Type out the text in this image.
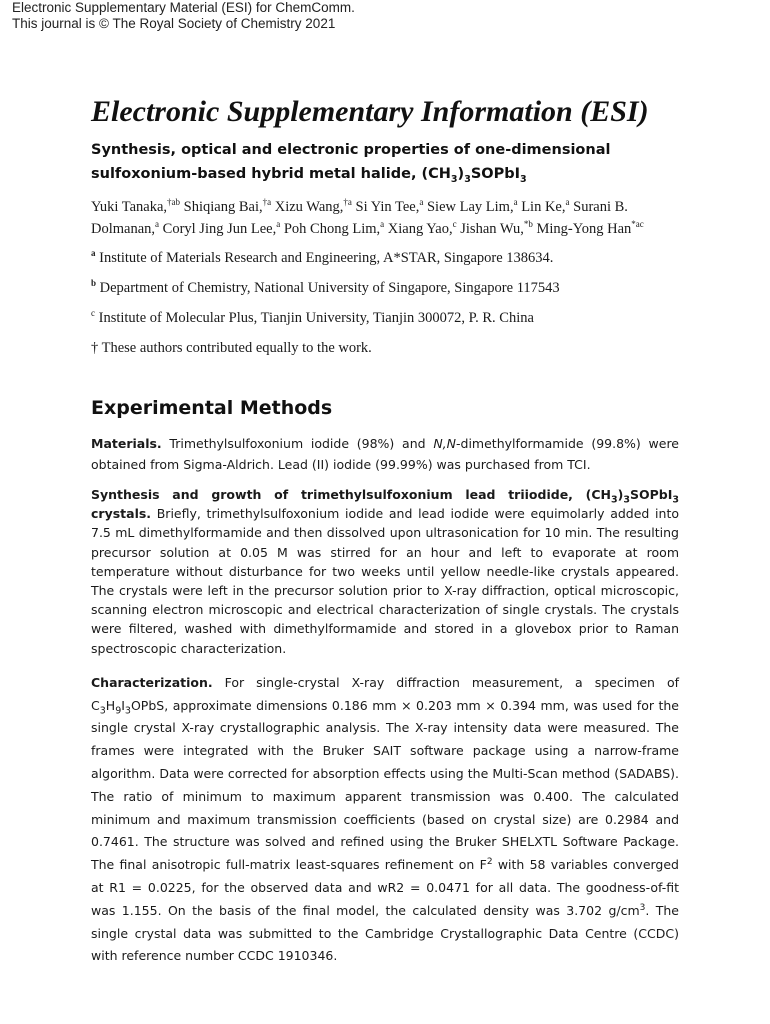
Electronic Supplementary Material (ESI) for ChemComm.
This journal is © The Royal Society of Chemistry 2021
Electronic Supplementary Information (ESI)
Synthesis, optical and electronic properties of one-dimensional sulfoxonium-based hybrid metal halide, $(CH_3)_3SOPbI_3$
Yuki Tanaka,$^{\dagger ab}$ Shiqiang Bai,$^{\dagger a}$ Xizu Wang,$^{\dagger a}$ Si Yin Tee,$^a$ Siew Lay Lim,$^a$ Lin Ke,$^a$ Surani B. Dolmanan,$^a$ Coryl Jing Jun Lee,$^a$ Poh Chong Lim,$^a$ Xiang Yao,$^c$ Jishan Wu,$^{*b}$ Ming-Yong Han$^{*ac}$
$^a$ Institute of Materials Research and Engineering, A*STAR, Singapore 138634.
$^b$ Department of Chemistry, National University of Singapore, Singapore 117543
$^c$ Institute of Molecular Plus, Tianjin University, Tianjin 300072, P. R. China
† These authors contributed equally to the work.
Experimental Methods

Materials. Trimethylsulfoxonium iodide (98%) and N,N-dimethylformamide (99.8%) were obtained from Sigma-Aldrich. Lead (II) iodide (99.99%) was purchased from TCI.

Synthesis and growth of trimethylsulfoxonium lead triiodide, $(CH_3)_3SOPbI_3$ crystals. Briefly, trimethylsulfoxonium iodide and lead iodide were equimolarly added into 7.5 mL dimethylformamide and then dissolved upon ultrasonication for 10 min. The resulting precursor solution at 0.05 M was stirred for an hour and left to evaporate at room temperature without disturbance for two weeks until yellow needle-like crystals appeared. The crystals were left in the precursor solution prior to X-ray diffraction, optical microscopic, scanning electron microscopic and electrical characterization of single crystals. The crystals were filtered, washed with dimethylformamide and stored in a glovebox prior to Raman spectroscopic characterization.

Characterization. For single-crystal X-ray diffraction measurement, a specimen of $C_3H_9I_3OPbS$, approximate dimensions 0.186 mm × 0.203 mm × 0.394 mm, was used for the single crystal X-ray crystallographic analysis. The X-ray intensity data were measured. The frames were integrated with the Bruker SAIT software package using a narrow-frame algorithm. Data were corrected for absorption effects using the Multi-Scan method (SADABS). The ratio of minimum to maximum apparent transmission was 0.400. The calculated minimum and maximum transmission coefficients (based on crystal size) are 0.2984 and 0.7461. The structure was solved and refined using the Bruker SHELXTL Software Package. The final anisotropic full-matrix least-squares refinement on $F^2$ with 58 variables converged at R1 = 0.0225, for the observed data and wR2 = 0.0471 for all data. The goodness-of-fit was 1.155. On the basis of the final model, the calculated density was 3.702 $g/cm^3$. The single crystal data was submitted to the Cambridge Crystallographic Data Centre (CCDC) with reference number CCDC 1910346.
